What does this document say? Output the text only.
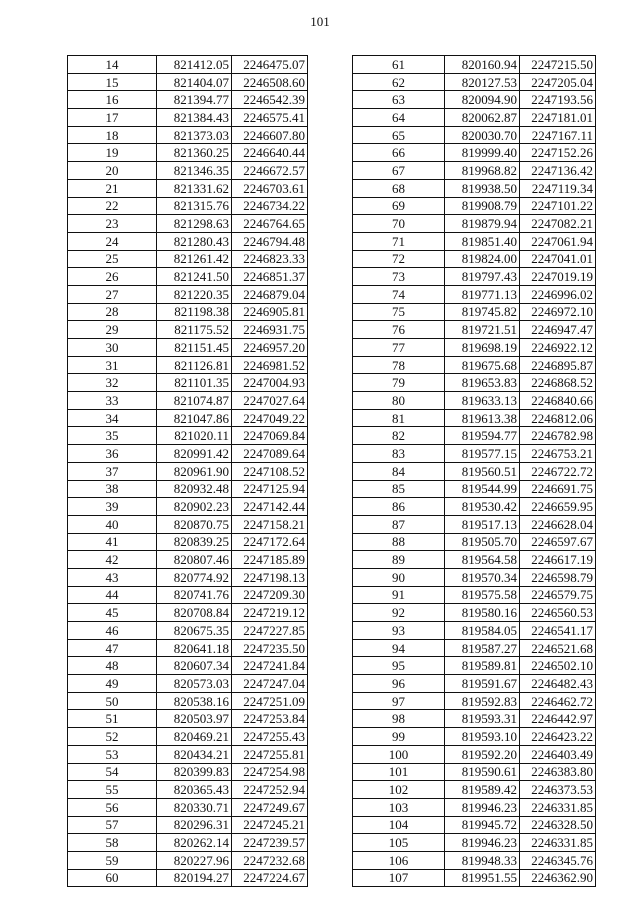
101
14	821412.05	2246475.07
15	821404.07	2246508.60
16	821394.77	2246542.39
17	821384.43	2246575.41
18	821373.03	2246607.80
19	821360.25	2246640.44
20	821346.35	2246672.57
21	821331.62	2246703.61
22	821315.76	2246734.22
23	821298.63	2246764.65
24	821280.43	2246794.48
25	821261.42	2246823.33
26	821241.50	2246851.37
27	821220.35	2246879.04
28	821198.38	2246905.81
29	821175.52	2246931.75
30	821151.45	2246957.20
31	821126.81	2246981.52
32	821101.35	2247004.93
33	821074.87	2247027.64
34	821047.86	2247049.22
35	821020.11	2247069.84
36	820991.42	2247089.64
37	820961.90	2247108.52
38	820932.48	2247125.94
39	820902.23	2247142.44
40	820870.75	2247158.21
41	820839.25	2247172.64
42	820807.46	2247185.89
43	820774.92	2247198.13
44	820741.76	2247209.30
45	820708.84	2247219.12
46	820675.35	2247227.85
47	820641.18	2247235.50
48	820607.34	2247241.84
49	820573.03	2247247.04
50	820538.16	2247251.09
51	820503.97	2247253.84
52	820469.21	2247255.43
53	820434.21	2247255.81
54	820399.83	2247254.98
55	820365.43	2247252.94
56	820330.71	2247249.67
57	820296.31	2247245.21
58	820262.14	2247239.57
59	820227.96	2247232.68
60	820194.27	2247224.67
61	820160.94	2247215.50
62	820127.53	2247205.04
63	820094.90	2247193.56
64	820062.87	2247181.01
65	820030.70	2247167.11
66	819999.40	2247152.26
67	819968.82	2247136.42
68	819938.50	2247119.34
69	819908.79	2247101.22
70	819879.94	2247082.21
71	819851.40	2247061.94
72	819824.00	2247041.01
73	819797.43	2247019.19
74	819771.13	2246996.02
75	819745.82	2246972.10
76	819721.51	2246947.47
77	819698.19	2246922.12
78	819675.68	2246895.87
79	819653.83	2246868.52
80	819633.13	2246840.66
81	819613.38	2246812.06
82	819594.77	2246782.98
83	819577.15	2246753.21
84	819560.51	2246722.72
85	819544.99	2246691.75
86	819530.42	2246659.95
87	819517.13	2246628.04
88	819505.70	2246597.67
89	819564.58	2246617.19
90	819570.34	2246598.79
91	819575.58	2246579.75
92	819580.16	2246560.53
93	819584.05	2246541.17
94	819587.27	2246521.68
95	819589.81	2246502.10
96	819591.67	2246482.43
97	819592.83	2246462.72
98	819593.31	2246442.97
99	819593.10	2246423.22
100	819592.20	2246403.49
101	819590.61	2246383.80
102	819589.42	2246373.53
103	819946.23	2246331.85
104	819945.72	2246328.50
105	819946.23	2246331.85
106	819948.33	2246345.76
107	819951.55	2246362.90
